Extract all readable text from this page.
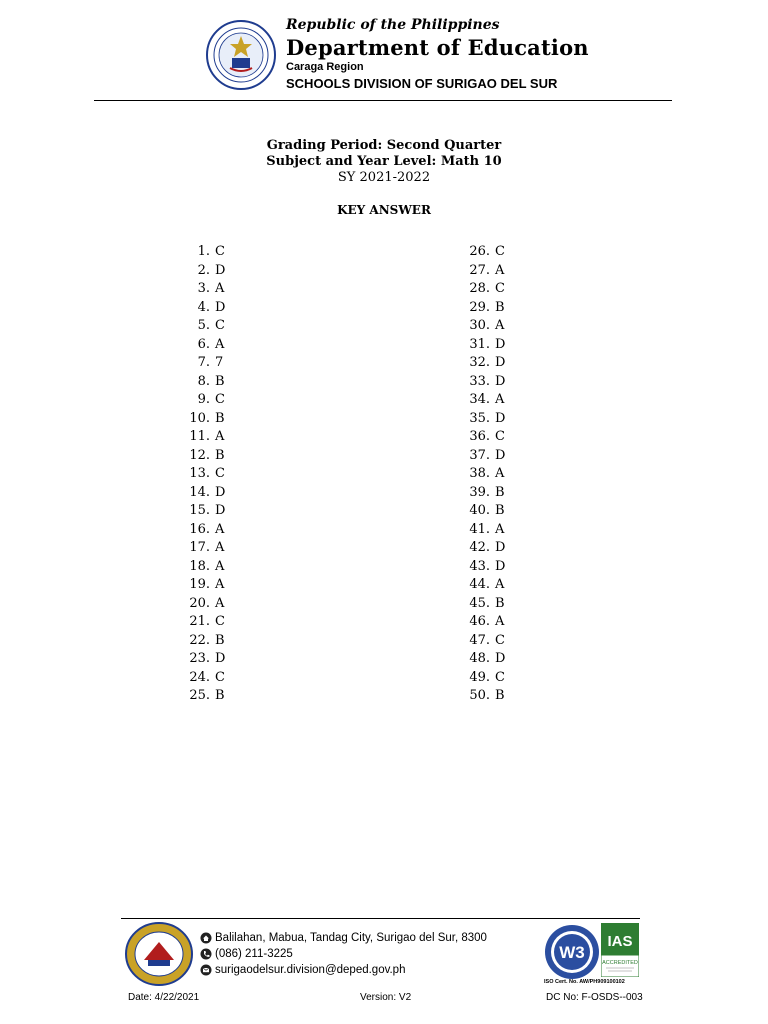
Republic of the Philippines
Department of Education
Caraga Region
SCHOOLS DIVISION OF SURIGAO DEL SUR
Grading Period: Second Quarter
Subject and Year Level: Math 10
SY 2021-2022
KEY ANSWER
1. C
2. D
3. A
4. D
5. C
6. A
7. 7
8. B
9. C
10. B
11. A
12. B
13. C
14. D
15. D
16. A
17. A
18. A
19. A
20. A
21. C
22. B
23. D
24. C
25. B
26. C
27. A
28. C
29. B
30. A
31. D
32. D
33. D
34. A
35. D
36. C
37. D
38. A
39. B
40. B
41. A
42. D
43. D
44. A
45. B
46. A
47. C
48. D
49. C
50. B
Balilahan, Mabua, Tandag City, Surigao del Sur, 8300
(086) 211-3225
surigaodelsur.division@deped.gov.ph
W3
IAS
ACCREDITED
ISO Cert. No. AW/PH909100102
Date: 4/22/2021	Version: V2	DC No: F-OSDS--003
